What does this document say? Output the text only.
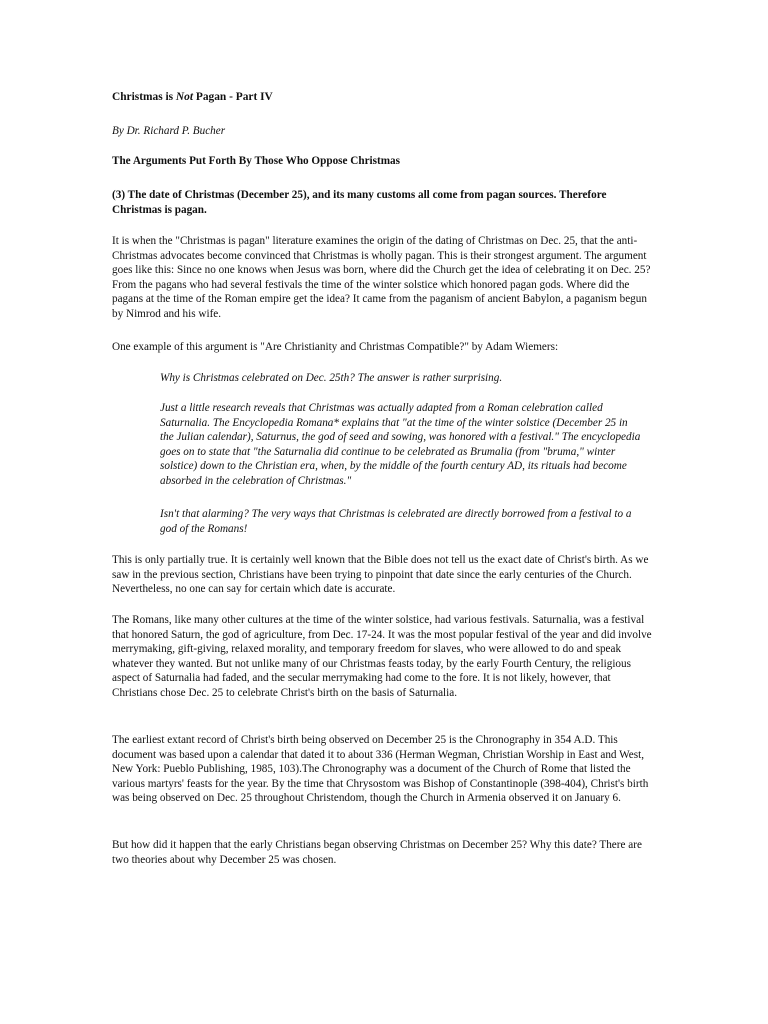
Christmas is Not Pagan - Part IV
By Dr. Richard P. Bucher
The Arguments Put Forth By Those Who Oppose Christmas
(3) The date of Christmas (December 25), and its many customs all come from pagan sources. Therefore Christmas is pagan.

It is when the "Christmas is pagan" literature examines the origin of the dating of Christmas on Dec. 25, that the anti-Christmas advocates become convinced that Christmas is wholly pagan. This is their strongest argument. The argument goes like this: Since no one knows when Jesus was born, where did the Church get the idea of celebrating it on Dec. 25? From the pagans who had several festivals the time of the winter solstice which honored pagan gods. Where did the pagans at the time of the Roman empire get the idea? It came from the paganism of ancient Babylon, a paganism begun by Nimrod and his wife.

One example of this argument is "Are Christianity and Christmas Compatible?" by Adam Wiemers:

Why is Christmas celebrated on Dec. 25th? The answer is rather surprising.

Just a little research reveals that Christmas was actually adapted from a Roman celebration called Saturnalia. The Encyclopedia Romana* explains that "at the time of the winter solstice (December 25 in the Julian calendar), Saturnus, the god of seed and sowing, was honored with a festival." The encyclopedia goes on to state that "the Saturnalia did continue to be celebrated as Brumalia (from "bruma," winter solstice) down to the Christian era, when, by the middle of the fourth century AD, its rituals had become absorbed in the celebration of Christmas."

Isn't that alarming? The very ways that Christmas is celebrated are directly borrowed from a festival to a god of the Romans!

This is only partially true. It is certainly well known that the Bible does not tell us the exact date of Christ's birth. As we saw in the previous section, Christians have been trying to pinpoint that date since the early centuries of the Church. Nevertheless, no one can say for certain which date is accurate.

The Romans, like many other cultures at the time of the winter solstice, had various festivals. Saturnalia, was a festival that honored Saturn, the god of agriculture, from Dec. 17-24. It was the most popular festival of the year and did involve merrymaking, gift-giving, relaxed morality, and temporary freedom for slaves, who were allowed to do and speak whatever they wanted. But not unlike many of our Christmas feasts today, by the early Fourth Century, the religious aspect of Saturnalia had faded, and the secular merrymaking had come to the fore. It is not likely, however, that Christians chose Dec. 25 to celebrate Christ's birth on the basis of Saturnalia.

The earliest extant record of Christ's birth being observed on December 25 is the Chronography in 354 A.D. This document was based upon a calendar that dated it to about 336 (Herman Wegman, Christian Worship in East and West, New York: Pueblo Publishing, 1985, 103).The Chronography was a document of the Church of Rome that listed the various martyrs' feasts for the year. By the time that Chrysostom was Bishop of Constantinople (398-404), Christ's birth was being observed on Dec. 25 throughout Christendom, though the Church in Armenia observed it on January 6.

But how did it happen that the early Christians began observing Christmas on December 25? Why this date? There are two theories about why December 25 was chosen.
